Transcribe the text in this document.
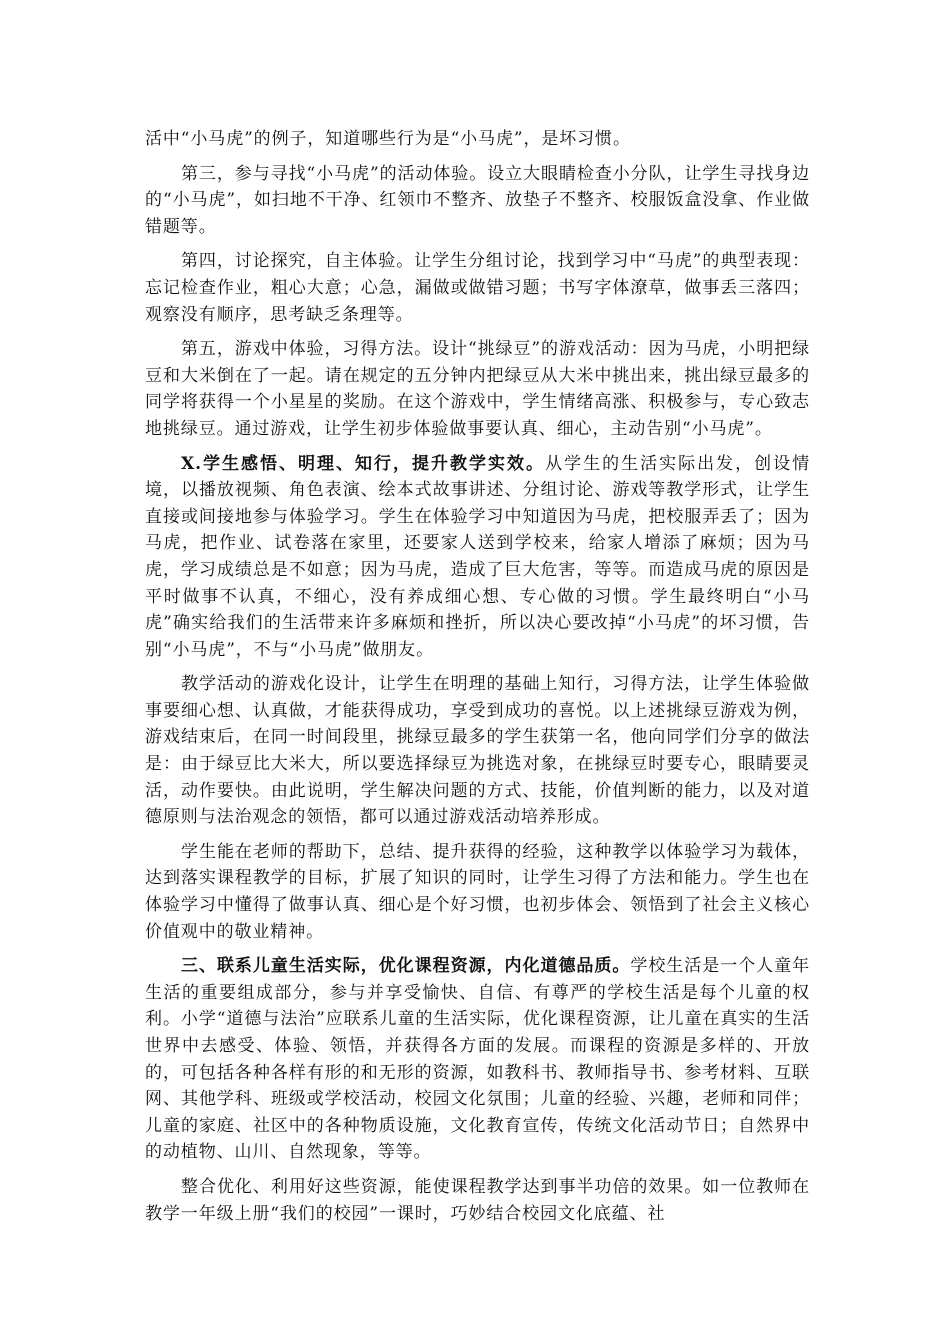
活中“小马虎”的例子，知道哪些行为是“小马虎”，是坏习惯。

第三，参与寻找“小马虎”的活动体验。设立大眼睛检查小分队，让学生寻找身边的“小马虎”，如扫地不干净、红领巾不整齐、放垫子不整齐、校服饭盒没拿、作业做错题等。

第四，讨论探究，自主体验。让学生分组讨论，找到学习中“马虎”的典型表现：忘记检查作业，粗心大意；心急，漏做或做错习题；书写字体潦草，做事丢三落四；观察没有顺序，思考缺乏条理等。

第五，游戏中体验，习得方法。设计“挑绿豆”的游戏活动：因为马虎，小明把绿豆和大米倒在了一起。请在规定的五分钟内把绿豆从大米中挑出来，挑出绿豆最多的同学将获得一个小星星的奖励。在这个游戏中，学生情绪高涨、积极参与，专心致志地挑绿豆。通过游戏，让学生初步体验做事要认真、细心，主动告别“小马虎”。

X.学生感悟、明理、知行，提升教学实效。从学生的生活实际出发，创设情境，以播放视频、角色表演、绘本式故事讲述、分组讨论、游戏等教学形式，让学生直接或间接地参与体验学习。学生在体验学习中知道因为马虎，把校服弄丢了；因为马虎，把作业、试卷落在家里，还要家人送到学校来，给家人增添了麻烦；因为马虎，学习成绩总是不如意；因为马虎，造成了巨大危害，等等。而造成马虎的原因是平时做事不认真，不细心，没有养成细心想、专心做的习惯。学生最终明白“小马虎”确实给我们的生活带来许多麻烦和挫折，所以决心要改掉“小马虎”的坏习惯，告别“小马虎”，不与“小马虎”做朋友。

教学活动的游戏化设计，让学生在明理的基础上知行，习得方法，让学生体验做事要细心想、认真做，才能获得成功，享受到成功的喜悦。以上述挑绿豆游戏为例，游戏结束后，在同一时间段里，挑绿豆最多的学生获第一名，他向同学们分享的做法是：由于绿豆比大米大，所以要选择绿豆为挑选对象，在挑绿豆时要专心，眼睛要灵活，动作要快。由此说明，学生解决问题的方式、技能，价值判断的能力，以及对道德原则与法治观念的领悟，都可以通过游戏活动培养形成。

学生能在老师的帮助下，总结、提升获得的经验，这种教学以体验学习为载体，达到落实课程教学的目标，扩展了知识的同时，让学生习得了方法和能力。学生也在体验学习中懂得了做事认真、细心是个好习惯，也初步体会、领悟到了社会主义核心价值观中的敬业精神。

三、联系儿童生活实际，优化课程资源，内化道德品质。学校生活是一个人童年生活的重要组成部分，参与并享受愉快、自信、有尊严的学校生活是每个儿童的权利。小学“道德与法治”应联系儿童的生活实际，优化课程资源，让儿童在真实的生活世界中去感受、体验、领悟，并获得各方面的发展。而课程的资源是多样的、开放的，可包括各种各样有形的和无形的资源，如教科书、教师指导书、参考材料、互联网、其他学科、班级或学校活动，校园文化氛围；儿童的经验、兴趣，老师和同伴；儿童的家庭、社区中的各种物质设施，文化教育宣传，传统文化活动节日；自然界中的动植物、山川、自然现象，等等。

整合优化、利用好这些资源，能使课程教学达到事半功倍的效果。如一位教师在教学一年级上册“我们的校园”一课时，巧妙结合校园文化底蕴、社
